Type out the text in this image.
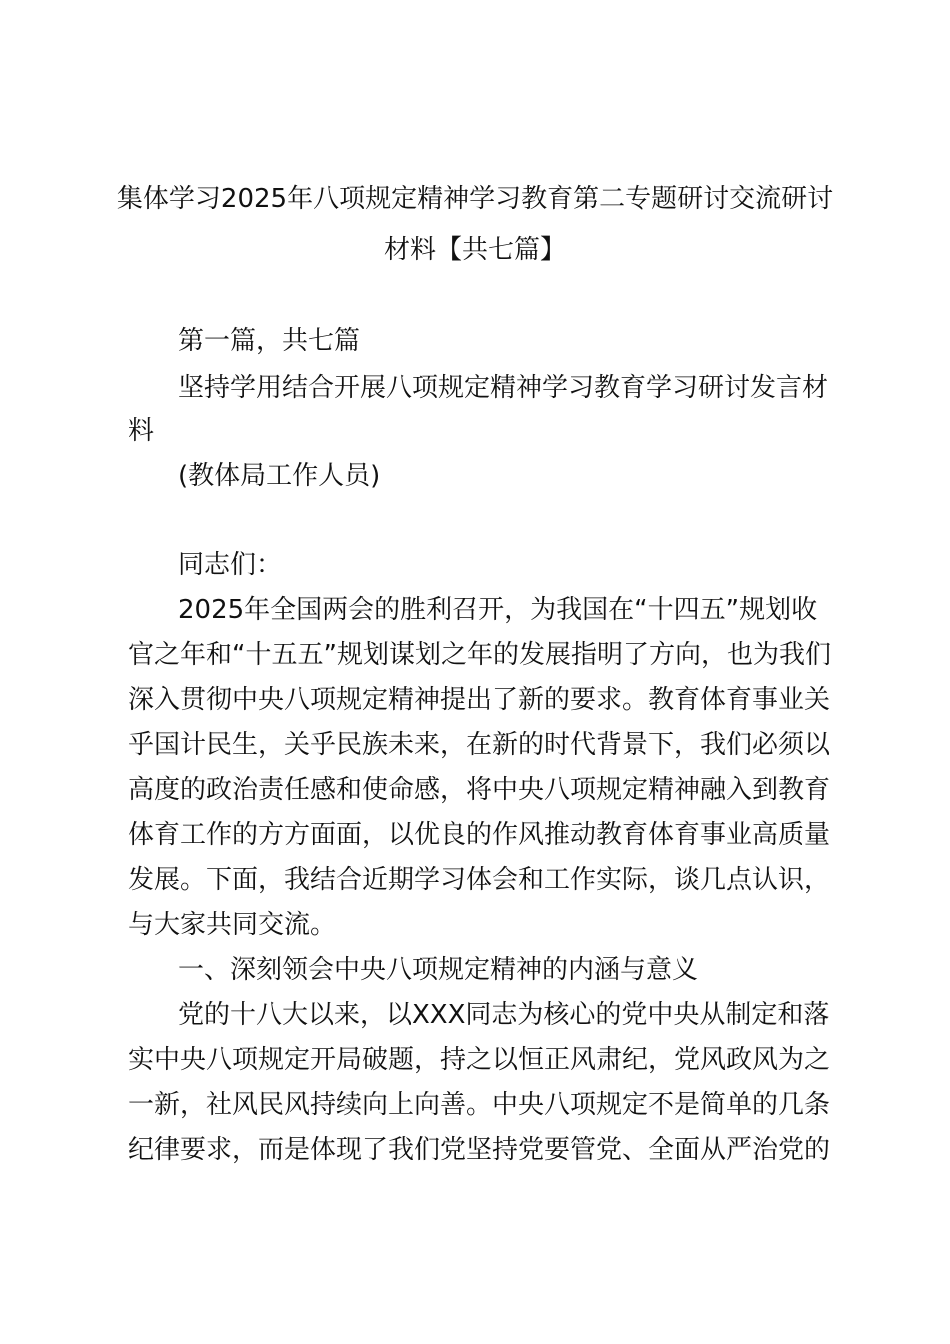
集体学习2025年八项规定精神学习教育第二专题研讨交流研讨
材料【共七篇】
第一篇，共七篇
坚持学用结合开展八项规定精神学习教育学习研讨发言材
料
(教体局工作人员)
同志们：
2025年全国两会的胜利召开，为我国在“十四五”规划收
官之年和“十五五”规划谋划之年的发展指明了方向，也为我们
深入贯彻中央八项规定精神提出了新的要求。教育体育事业关
乎国计民生，关乎民族未来，在新的时代背景下，我们必须以
高度的政治责任感和使命感，将中央八项规定精神融入到教育
体育工作的方方面面，以优良的作风推动教育体育事业高质量
发展。下面，我结合近期学习体会和工作实际，谈几点认识，
与大家共同交流。
一、深刻领会中央八项规定精神的内涵与意义
党的十八大以来，以XXX同志为核心的党中央从制定和落
实中央八项规定开局破题，持之以恒正风肃纪，党风政风为之
一新，社风民风持续向上向善。中央八项规定不是简单的几条
纪律要求，而是体现了我们党坚持党要管党、全面从严治党的
